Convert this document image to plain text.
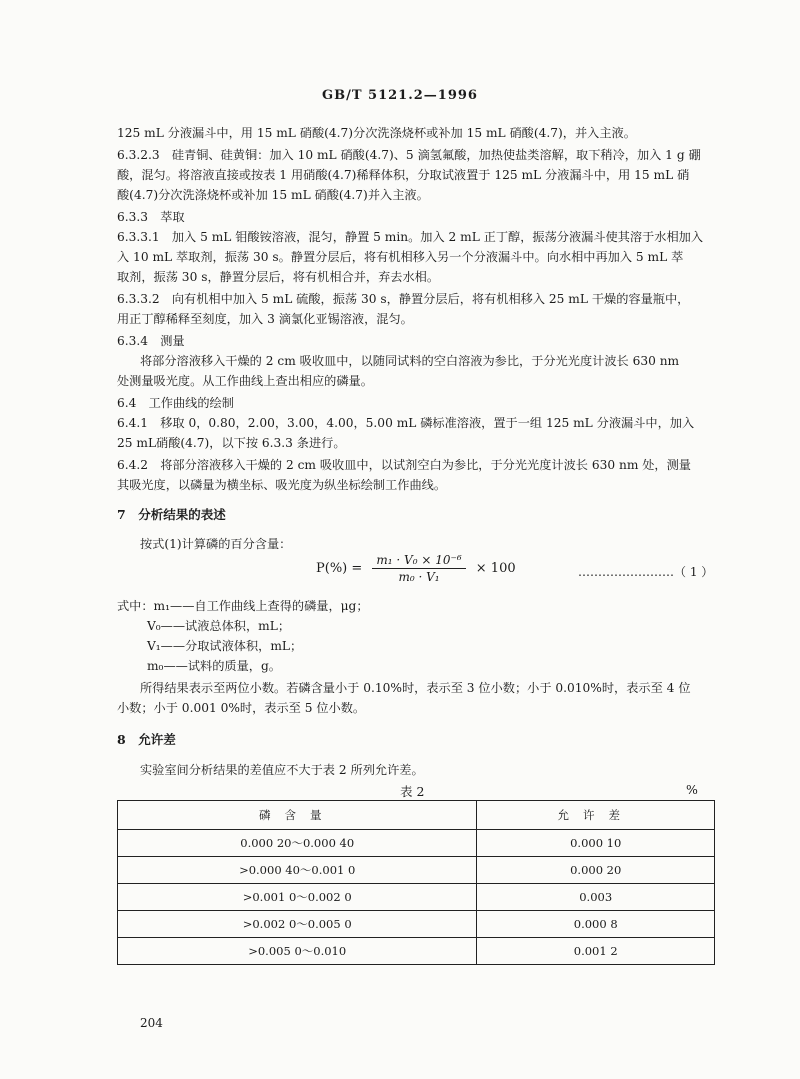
GB/T 5121.2—1996
125 mL 分液漏斗中，用 15 mL 硝酸(4.7)分次洗涤烧杯或补加 15 mL 硝酸(4.7)，并入主液。
6.3.2.3　硅青铜、硅黄铜：加入 10 mL 硝酸(4.7)、5 滴氢氟酸，加热使盐类溶解，取下稍冷，加入 1 g 硼
酸，混匀。将溶液直接或按表 1 用硝酸(4.7)稀释体积，分取试液置于 125 mL 分液漏斗中，用 15 mL 硝
酸(4.7)分次洗涤烧杯或补加 15 mL 硝酸(4.7)并入主液。
6.3.3　萃取
6.3.3.1　加入 5 mL 钼酸铵溶液，混匀，静置 5 min。加入 2 mL 正丁醇，振荡分液漏斗使其溶于水相加入
入 10 mL 萃取剂，振荡 30 s。静置分层后，将有机相移入另一个分液漏斗中。向水相中再加入 5 mL 萃
取剂，振荡 30 s，静置分层后，将有机相合并，弃去水相。
6.3.3.2　向有机相中加入 5 mL 硫酸，振荡 30 s，静置分层后，将有机相移入 25 mL 干燥的容量瓶中，
用正丁醇稀释至刻度，加入 3 滴氯化亚锡溶液，混匀。
6.3.4　测量
将部分溶液移入干燥的 2 cm 吸收皿中，以随同试料的空白溶液为参比，于分光光度计波长 630 nm
处测量吸光度。从工作曲线上查出相应的磷量。
6.4　工作曲线的绘制
6.4.1　移取 0，0.80，2.00，3.00，4.00，5.00 mL 磷标准溶液，置于一组 125 mL 分液漏斗中，加入
25 mL硝酸(4.7)，以下按 6.3.3 条进行。
6.4.2　将部分溶液移入干燥的 2 cm 吸收皿中，以试剂空白为参比，于分光光度计波长 630 nm 处，测量
其吸光度，以磷量为横坐标、吸光度为纵坐标绘制工作曲线。
7　分析结果的表述
按式(1)计算磷的百分含量：
$P(\%) = \frac{\text{m₁ · V₀ × 10⁻⁶}}{\text{m₀ · V₁}} \times 100$	……………………（ 1 ）
式中：m₁——自工作曲线上查得的磷量，μg；
V₀——试液总体积，mL；
V₁——分取试液体积，mL；
m₀——试料的质量，g。
所得结果表示至两位小数。若磷含量小于 0.10%时，表示至 3 位小数；小于 0.010%时，表示至 4 位
小数；小于 0.001 0%时，表示至 5 位小数。
8　允许差
实验室间分析结果的差值应不大于表 2 所列允许差。
表 2	%
磷含量	允许差
0.000 20～0.000 40	0.000 10
>0.000 40～0.001 0	0.000 20
>0.001 0～0.002 0	0.003
>0.002 0～0.005 0	0.000 8
>0.005 0～0.010	0.001 2
204
